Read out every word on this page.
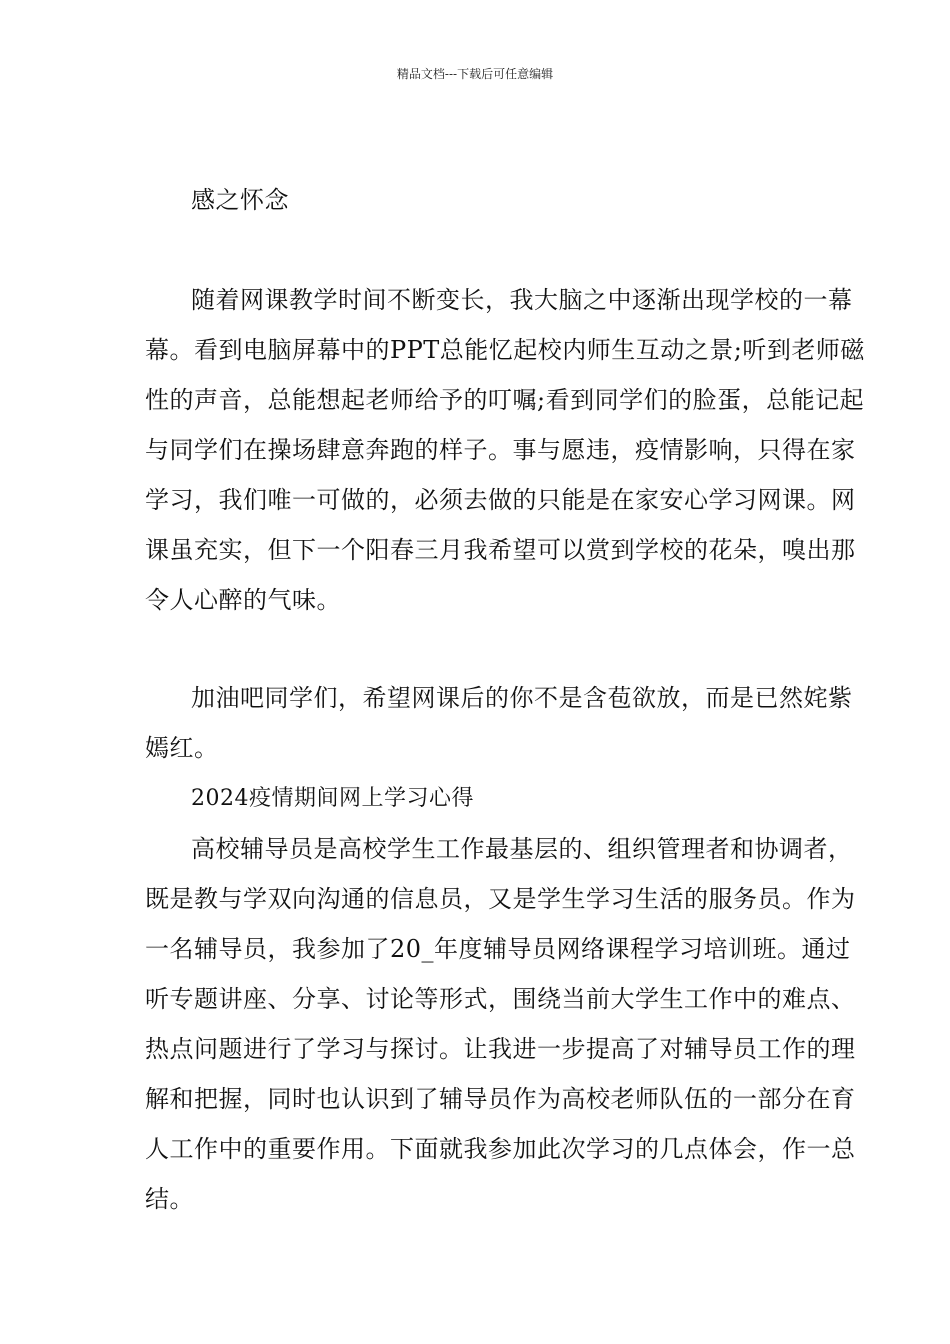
精品文档---下载后可任意编辑
感之怀念
随着网课教学时间不断变长，我大脑之中逐渐出现学校的一幕
幕。看到电脑屏幕中的PPT总能忆起校内师生互动之景;听到老师磁
性的声音，总能想起老师给予的叮嘱;看到同学们的脸蛋，总能记起
与同学们在操场肆意奔跑的样子。事与愿违，疫情影响，只得在家
学习，我们唯一可做的，必须去做的只能是在家安心学习网课。网
课虽充实，但下一个阳春三月我希望可以赏到学校的花朵，嗅出那
令人心醉的气味。
加油吧同学们，希望网课后的你不是含苞欲放，而是已然姹紫
嫣红。
2024疫情期间网上学习心得
高校辅导员是高校学生工作最基层的、组织管理者和协调者，
既是教与学双向沟通的信息员，又是学生学习生活的服务员。作为
一名辅导员，我参加了20_年度辅导员网络课程学习培训班。通过
听专题讲座、分享、讨论等形式，围绕当前大学生工作中的难点、
热点问题进行了学习与探讨。让我进一步提高了对辅导员工作的理
解和把握，同时也认识到了辅导员作为高校老师队伍的一部分在育
人工作中的重要作用。下面就我参加此次学习的几点体会，作一总
结。
